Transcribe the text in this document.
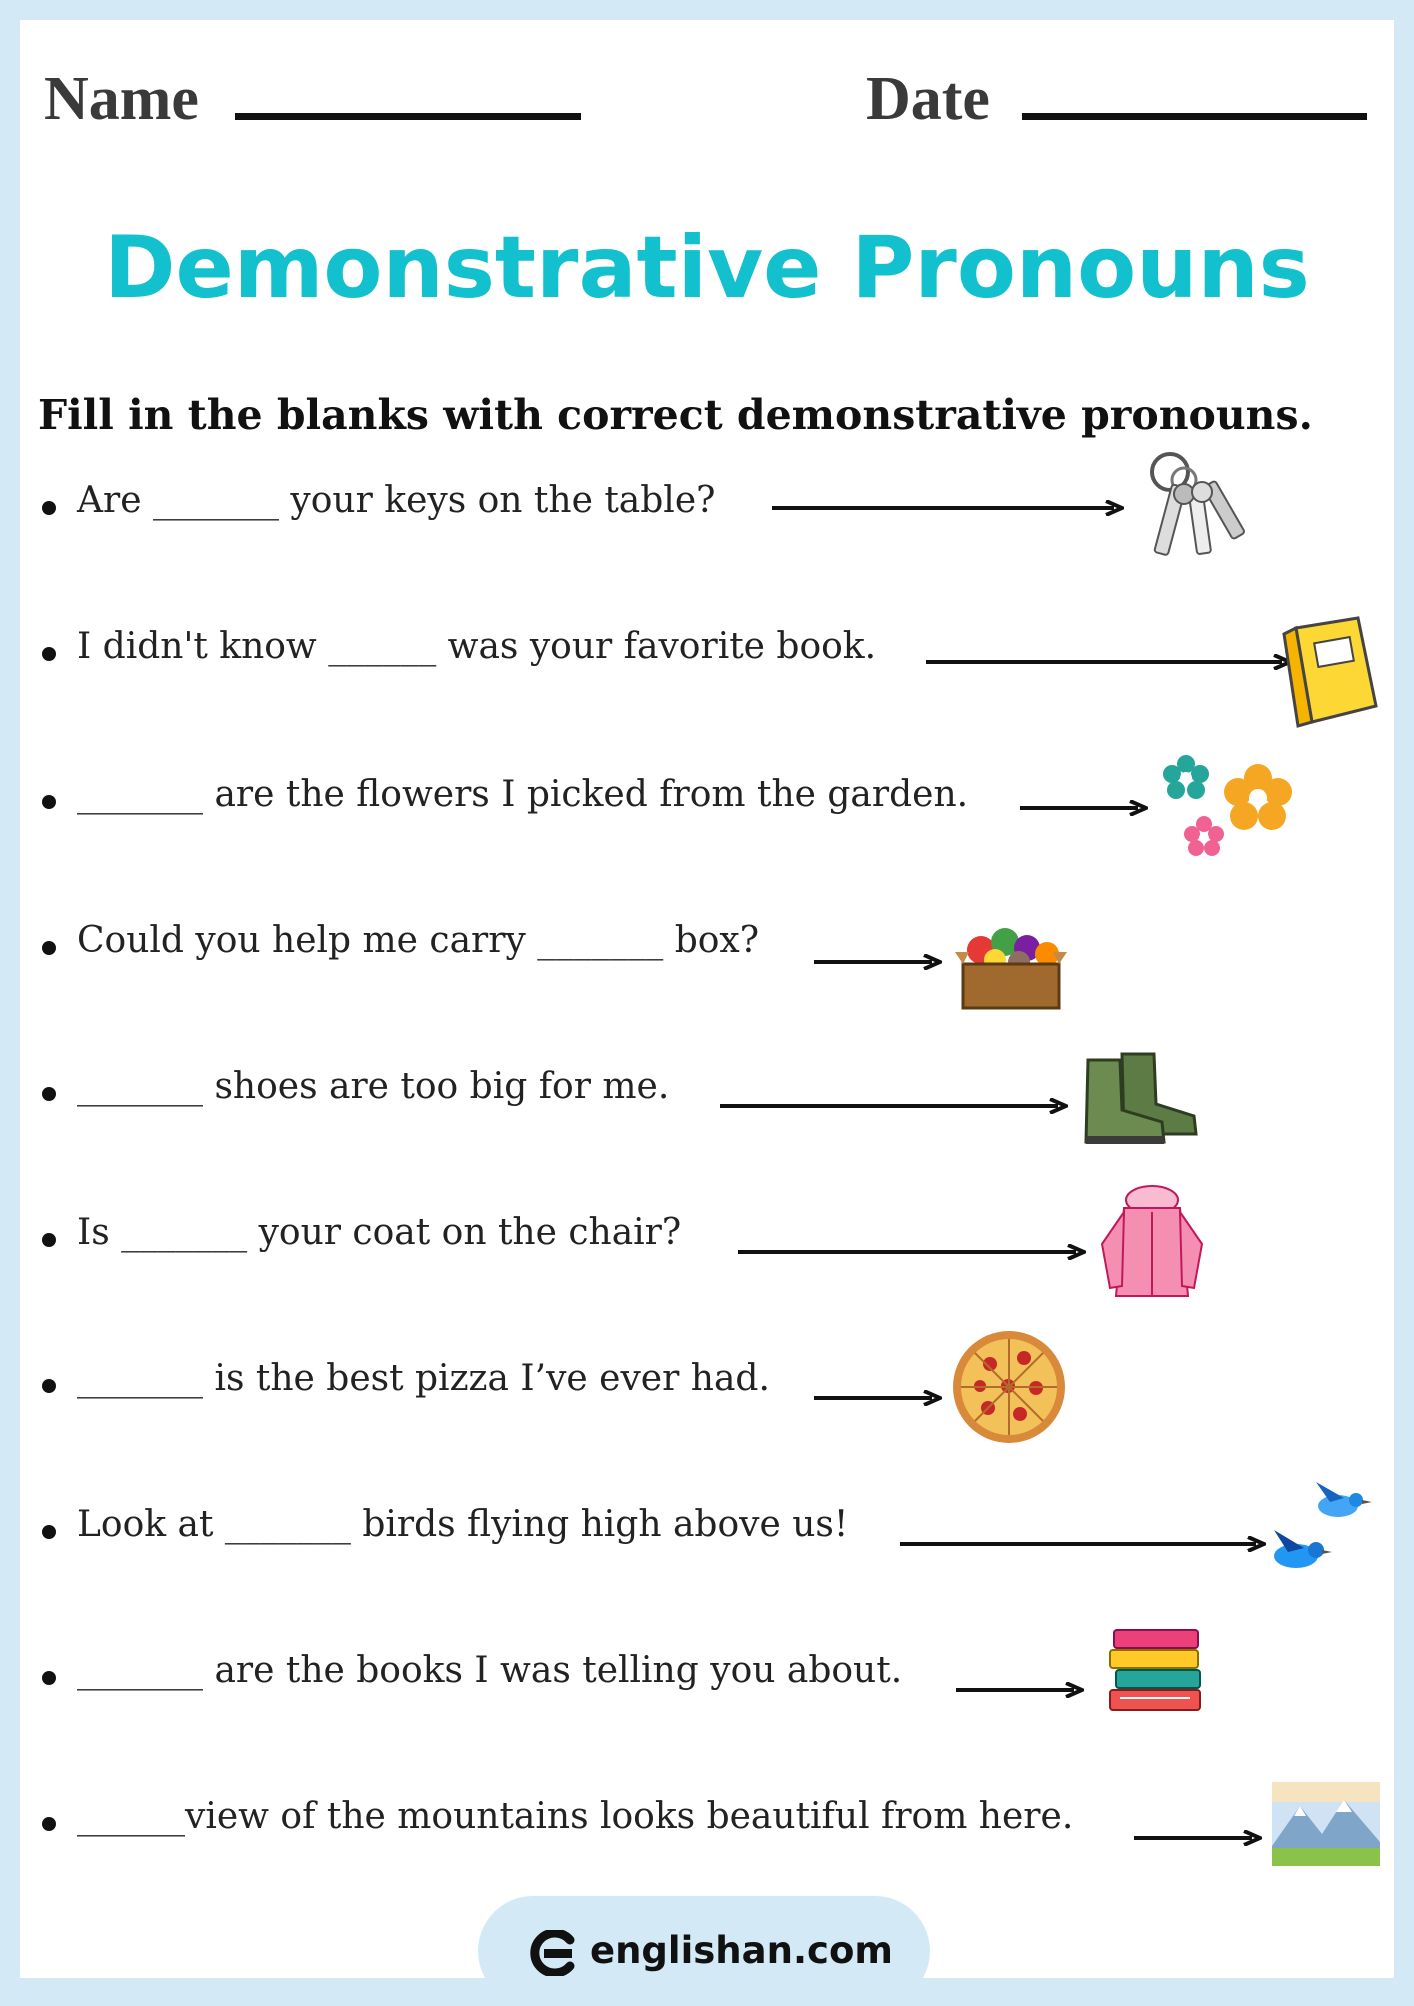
Name	Date
Demonstrative Pronouns
Fill in the blanks with correct demonstrative pronouns.
Are _______ your keys on the table?
I didn't know ______ was your favorite book.
_______ are the flowers I picked from the garden.
Could you help me carry _______ box?
_______ shoes are too big for me.
Is _______ your coat on the chair?
_______ is the best pizza I’ve ever had.
Look at _______ birds flying high above us!
_______ are the books I was telling you about.
______view of the mountains looks beautiful from here.
englishan.com
